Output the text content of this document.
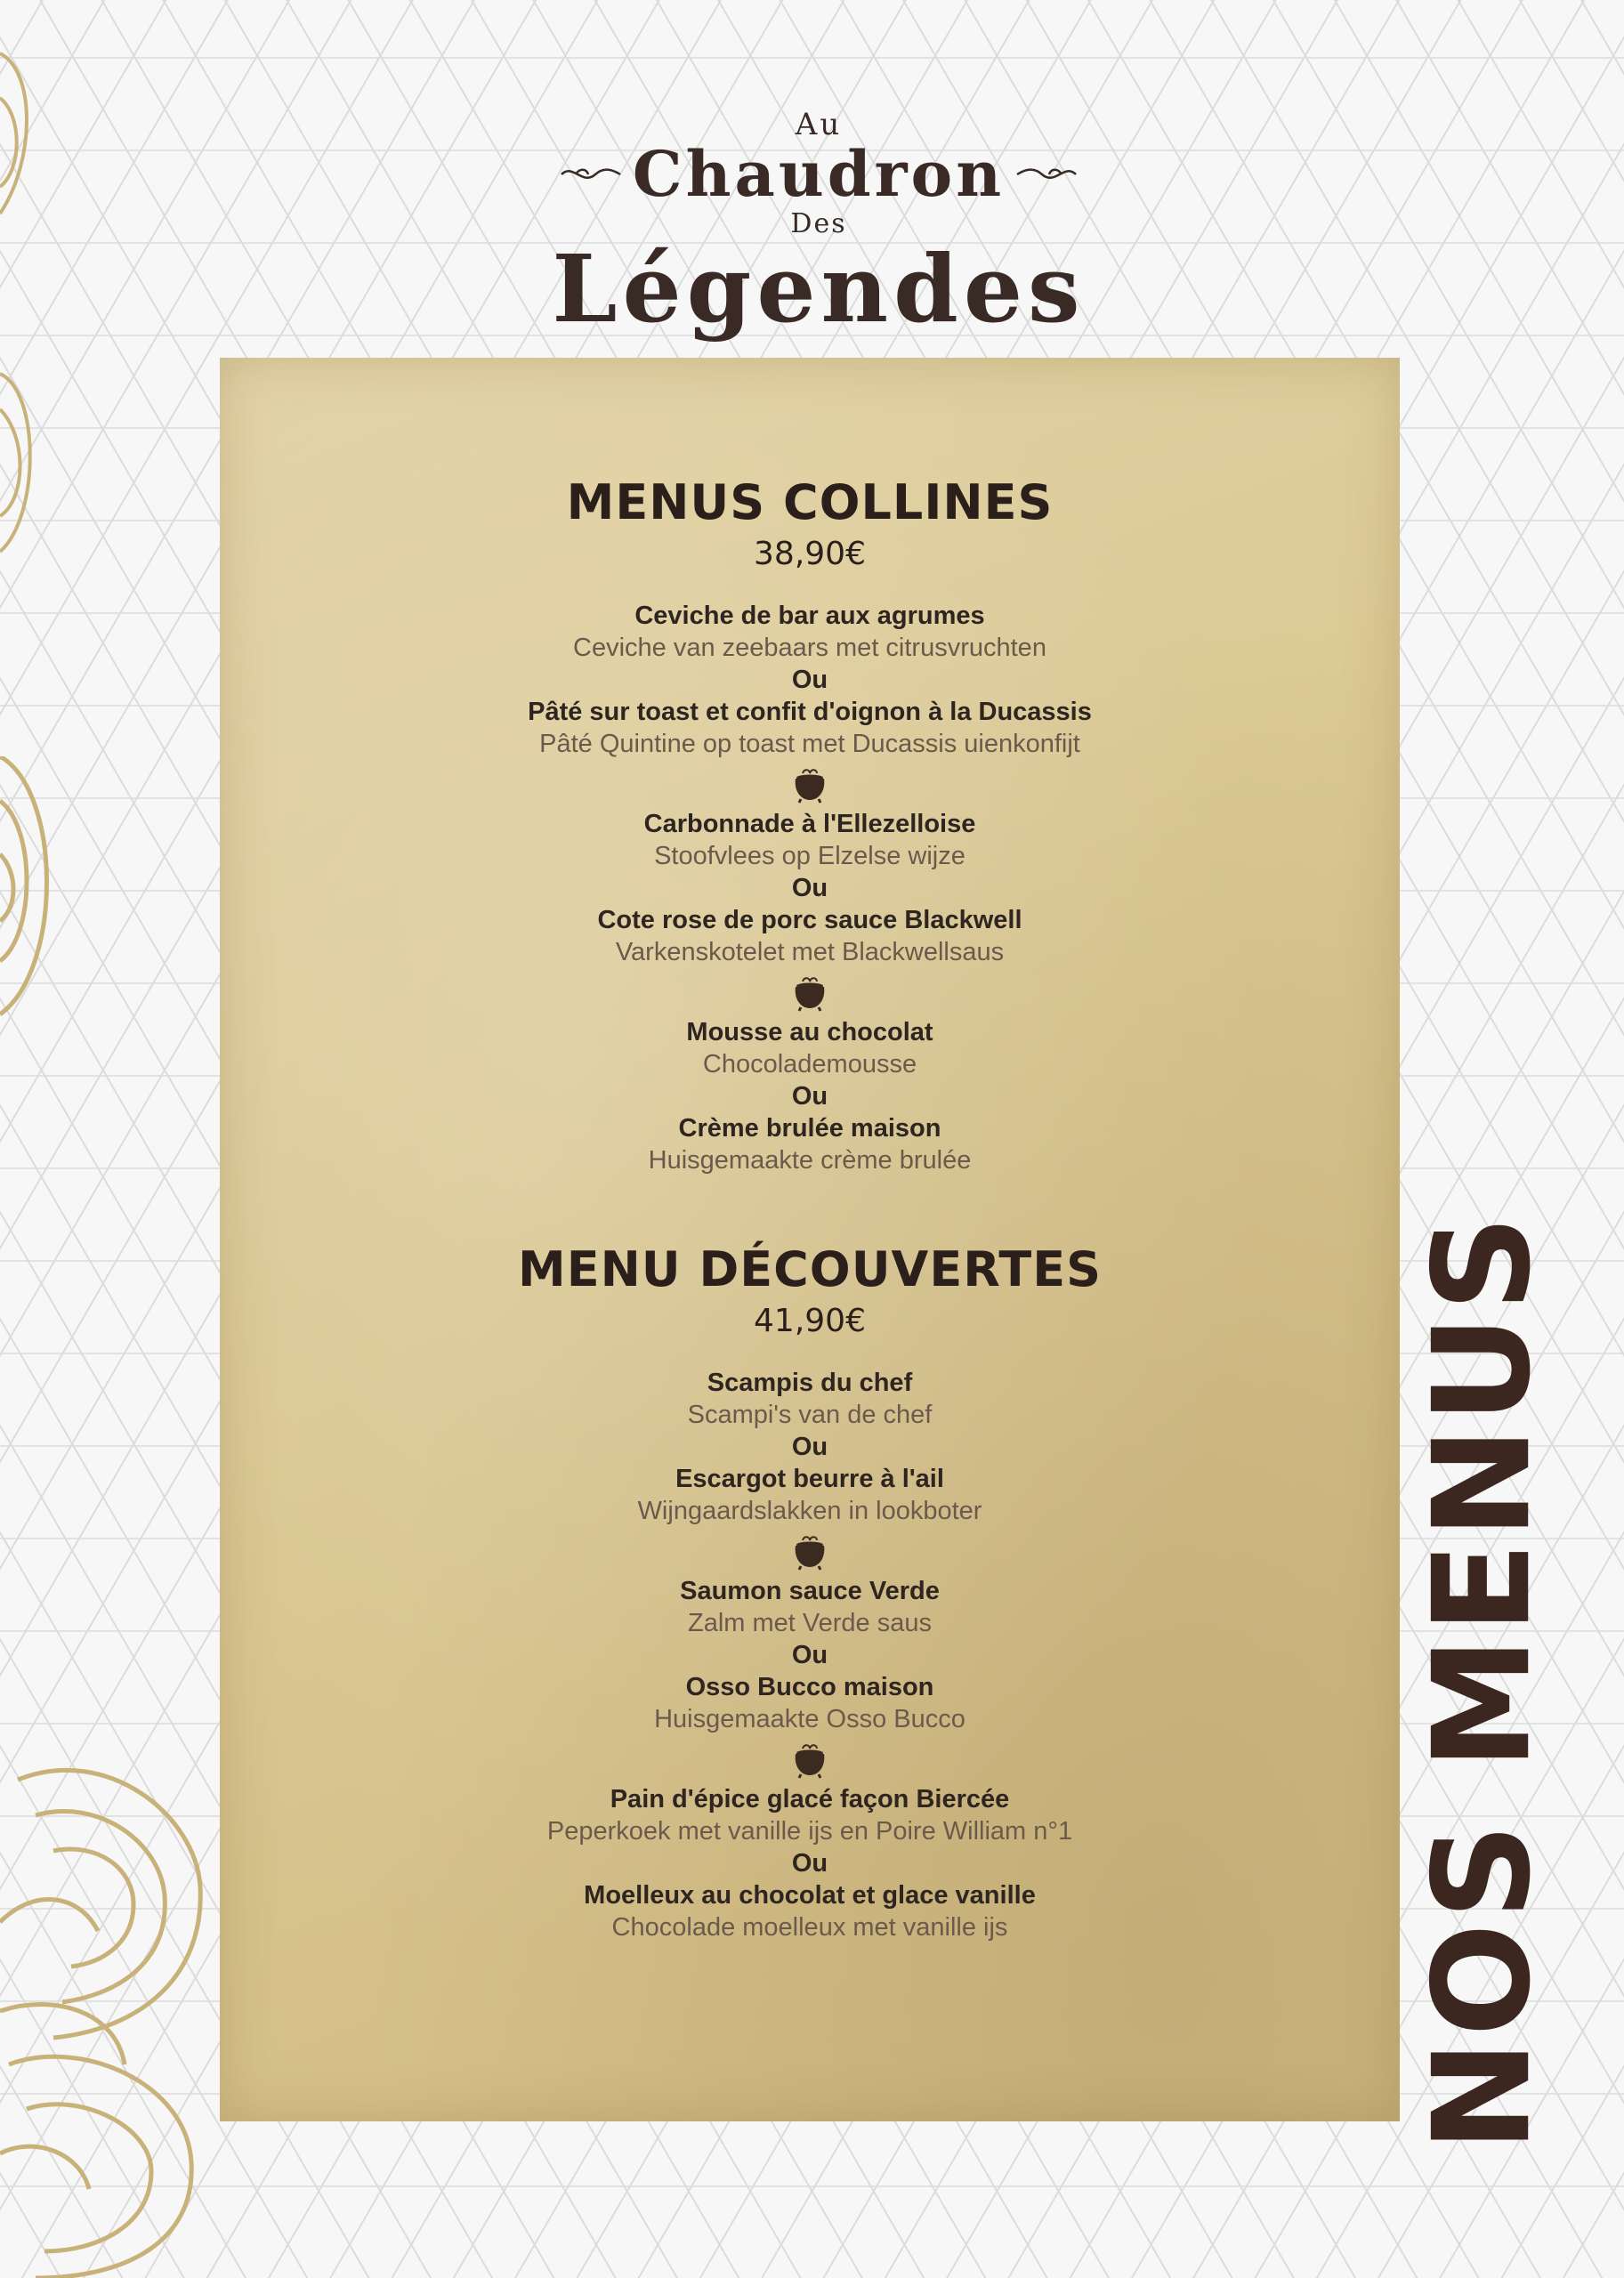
Au
Chaudron
Des
Légendes
MENUS COLLINES
38,90€
Ceviche de bar aux agrumes
Ceviche van zeebaars met citrusvruchten
Ou
Pâté sur toast et confit d'oignon à la Ducassis
Pâté Quintine op toast met Ducassis uienkonfijt
Carbonnade à l'Ellezelloise
Stoofvlees op Elzelse wijze
Ou
Cote rose de porc sauce Blackwell
Varkenskotelet met Blackwellsaus
Mousse au chocolat
Chocolademousse
Ou
Crème brulée maison
Huisgemaakte crème brulée
MENU DÉCOUVERTES
41,90€
Scampis du chef
Scampi's van de chef
Ou
Escargot beurre à l'ail
Wijngaardslakken in lookboter
Saumon sauce Verde
Zalm met Verde saus
Ou
Osso Bucco maison
Huisgemaakte Osso Bucco
Pain d'épice glacé façon Biercée
Peperkoek met vanille ijs en Poire William n°1
Ou
Moelleux au chocolat et glace vanille
Chocolade moelleux met vanille ijs	NOS MENUS
